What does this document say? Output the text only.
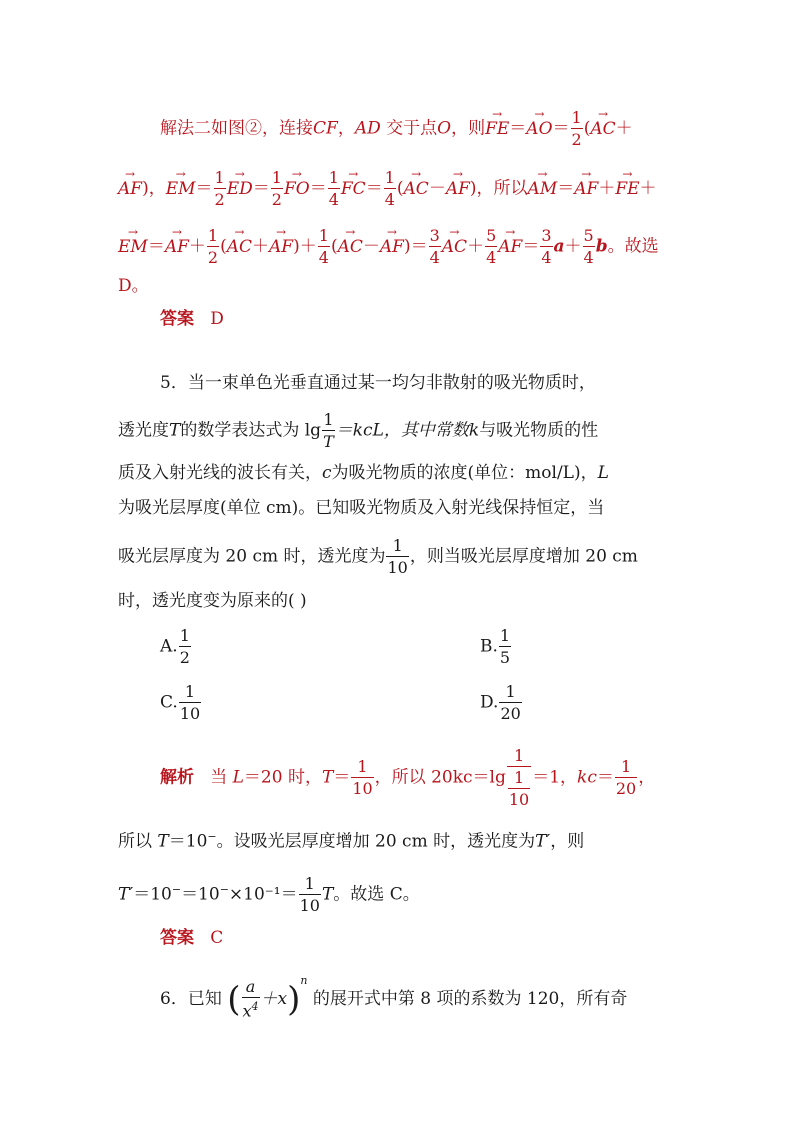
解法二如图②，连接CF，AD 交于点O，则→ $FE=\to AO= \frac{1}{2}$ (→ AC＋
→ AF)，→ $EM= \frac{1}{2}$
→ $ED= \frac{1}{2}$
→ $FO= \frac{1}{4}$
→ $FC= \frac{1}{4}$ (→ AC－→ AF)，所以→ AM＝→ AF＋→ FE＋
→ $EM=\to AF+ \frac{1}{2}$ (→ $AC+\to AF)+ \frac{1}{4}$ (→ $AC-\to AF)= \frac{3}{4}$
→ $AC+ \frac{5}{4}$
→ $AF= \frac{3}{4} a+ \frac{5}{4}$ b。故选
D。
答案 D
5．当一束单色光垂直通过某一均匀非散射的吸光物质时，
透光度T的数学表达式为 $\lg \frac{1}{T} =kcL$，其中常数k与吸光物质的性
质及入射光线的波长有关，c为吸光物质的浓度(单位：mol/L)，L
为吸光层厚度(单位 cm)。已知吸光物质及入射光线保持恒定，当
吸光层厚度为 20 cm 时，透光度为 $\frac{1}{10}$ ，则当吸光层厚度增加 20 cm
时，透光度变为原来的( )
A. $\frac{1}{2}$	B. $\frac{1}{5}$
C. $\frac{1}{10}$	D. $\frac{1}{20}$
解析 当 L＝20 时，$T= \frac{1}{10}$ ，所以 $20kc=\lg \frac{1}{\frac{1}{10}} =1$，$kc= \frac{1}{20}$ ，
所以 T＝10−。设吸光层厚度增加 20 cm 时，透光度为T′，则
$T'=10^-=10^-\times 10^{-1}= \frac{1}{10}$ T。故选 C。
答案 C
6．已知 ( $\frac{a}{x^4} +x)^n$ 的展开式中第 8 项的系数为 120，所有奇
